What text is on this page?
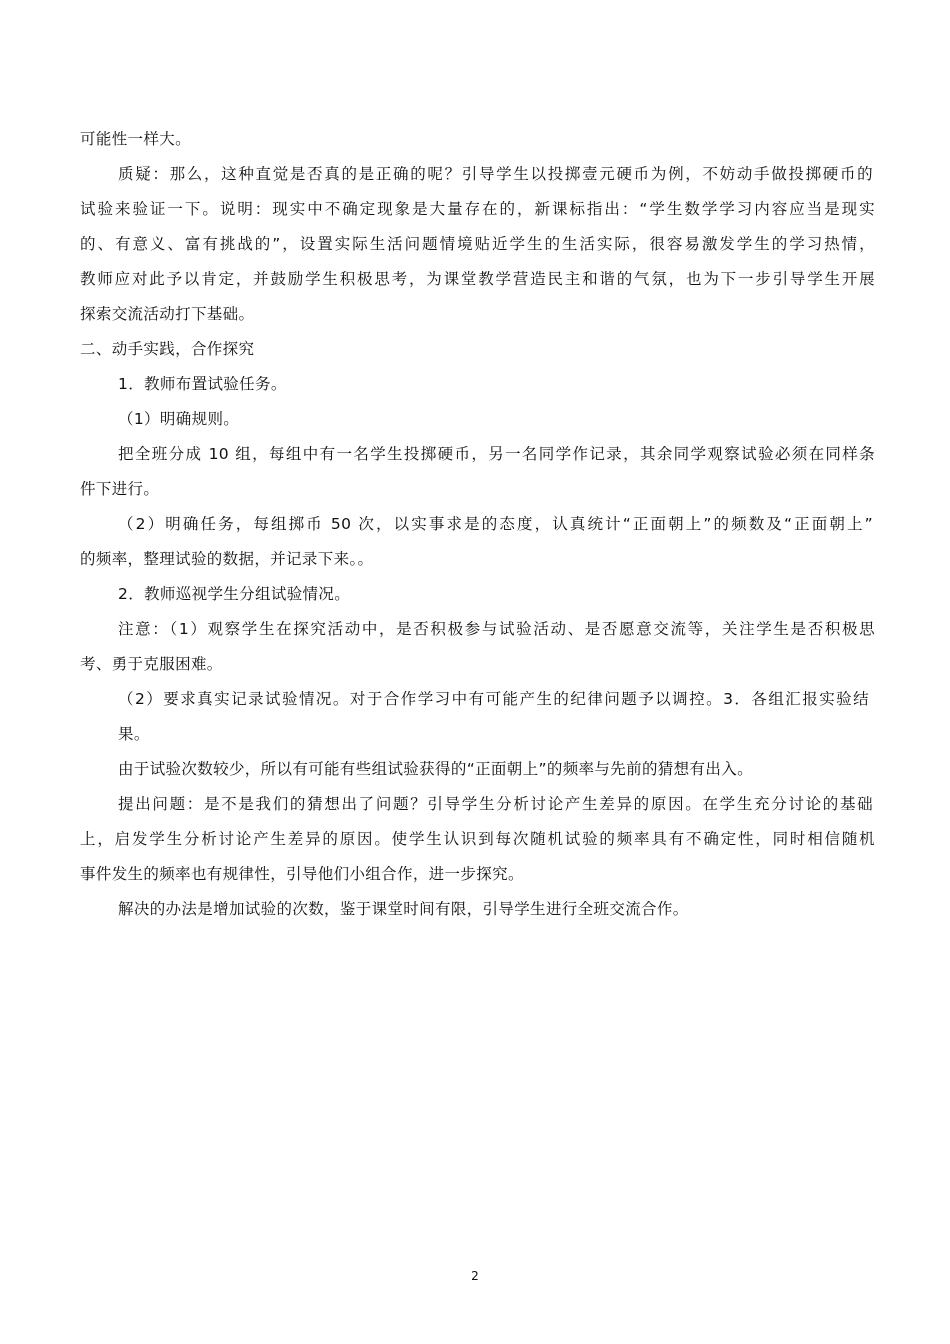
可能性一样大。
质疑：那么，这种直觉是否真的是正确的呢？引导学生以投掷壹元硬币为例，不妨动手做投掷硬币的
试验来验证一下。说明：现实中不确定现象是大量存在的，新课标指出：“学生数学学习内容应当是现实
的、有意义、富有挑战的”，设置实际生活问题情境贴近学生的生活实际，很容易激发学生的学习热情，
教师应对此予以肯定，并鼓励学生积极思考，为课堂教学营造民主和谐的气氛，也为下一步引导学生开展
探索交流活动打下基础。
二、动手实践，合作探究
1．教师布置试验任务。
（1）明确规则。
把全班分成 10 组，每组中有一名学生投掷硬币，另一名同学作记录，其余同学观察试验必须在同样条
件下进行。
（2）明确任务，每组掷币 50 次，以实事求是的态度，认真统计“正面朝上”的频数及“正面朝上”
的频率，整理试验的数据，并记录下来。。
2．教师巡视学生分组试验情况。
注意：（1）观察学生在探究活动中，是否积极参与试验活动、是否愿意交流等，关注学生是否积极思
考、勇于克服困难。
（2）要求真实记录试验情况。对于合作学习中有可能产生的纪律问题予以调控。3．各组汇报实验结
果。
由于试验次数较少，所以有可能有些组试验获得的“正面朝上”的频率与先前的猜想有出入。
提出问题：是不是我们的猜想出了问题？引导学生分析讨论产生差异的原因。在学生充分讨论的基础
上，启发学生分析讨论产生差异的原因。使学生认识到每次随机试验的频率具有不确定性，同时相信随机
事件发生的频率也有规律性，引导他们小组合作，进一步探究。
解决的办法是增加试验的次数，鉴于课堂时间有限，引导学生进行全班交流合作。
2
